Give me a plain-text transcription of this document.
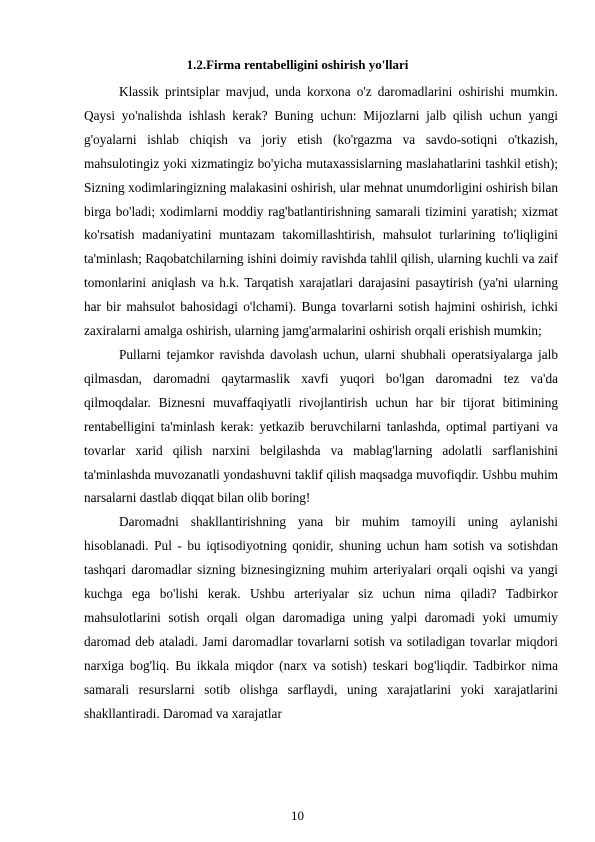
1.2.Firma rentabelligini oshirish yo'llari

Klassik printsiplar mavjud, unda korxona o'z daromadlarini oshirishi mumkin. Qaysi yo'nalishda ishlash kerak? Buning uchun: Mijozlarni jalb qilish uchun yangi g'oyalarni ishlab chiqish va joriy etish (ko'rgazma va savdo-sotiqni o'tkazish, mahsulotingiz yoki xizmatingiz bo'yicha mutaxassislarning maslahatlarini tashkil etish); Sizning xodimlaringizning malakasini oshirish, ular mehnat unumdorligini oshirish bilan birga bo'ladi; xodimlarni moddiy rag'batlantirishning samarali tizimini yaratish; xizmat ko'rsatish madaniyatini muntazam takomillashtirish, mahsulot turlarining to'liqligini ta'minlash; Raqobatchilarning ishini doimiy ravishda tahlil qilish, ularning kuchli va zaif tomonlarini aniqlash va h.k. Tarqatish xarajatlari darajasini pasaytirish (ya'ni ularning har bir mahsulot bahosidagi o'lchami). Bunga tovarlarni sotish hajmini oshirish, ichki zaxiralarni amalga oshirish, ularning jamg'armalarini oshirish orqali erishish mumkin;

Pullarni tejamkor ravishda davolash uchun, ularni shubhali operatsiyalarga jalb qilmasdan, daromadni qaytarmaslik xavfi yuqori bo'lgan daromadni tez va'da qilmoqdalar. Biznesni muvaffaqiyatli rivojlantirish uchun har bir tijorat bitimining rentabelligini ta'minlash kerak: yetkazib beruvchilarni tanlashda, optimal partiyani va tovarlar xarid qilish narxini belgilashda va mablag'larning adolatli sarflanishini ta'minlashda muvozanatli yondashuvni taklif qilish maqsadga muvofiqdir. Ushbu muhim narsalarni dastlab diqqat bilan olib boring!

Daromadni shakllantirishning yana bir muhim tamoyili uning aylanishi hisoblanadi. Pul - bu iqtisodiyotning qonidir, shuning uchun ham sotish va sotishdan tashqari daromadlar sizning biznesingizning muhim arteriyalari orqali oqishi va yangi kuchga ega bo'lishi kerak. Ushbu arteriyalar siz uchun nima qiladi? Tadbirkor mahsulotlarini sotish orqali olgan daromadiga uning yalpi daromadi yoki umumiy daromad deb ataladi. Jami daromadlar tovarlarni sotish va sotiladigan tovarlar miqdori narxiga bog'liq. Bu ikkala miqdor (narx va sotish) teskari bog'liqdir. Tadbirkor nima samarali resurslarni sotib olishga sarflaydi, uning xarajatlarini yoki xarajatlarini shakllantiradi. Daromad va xarajatlar

10
